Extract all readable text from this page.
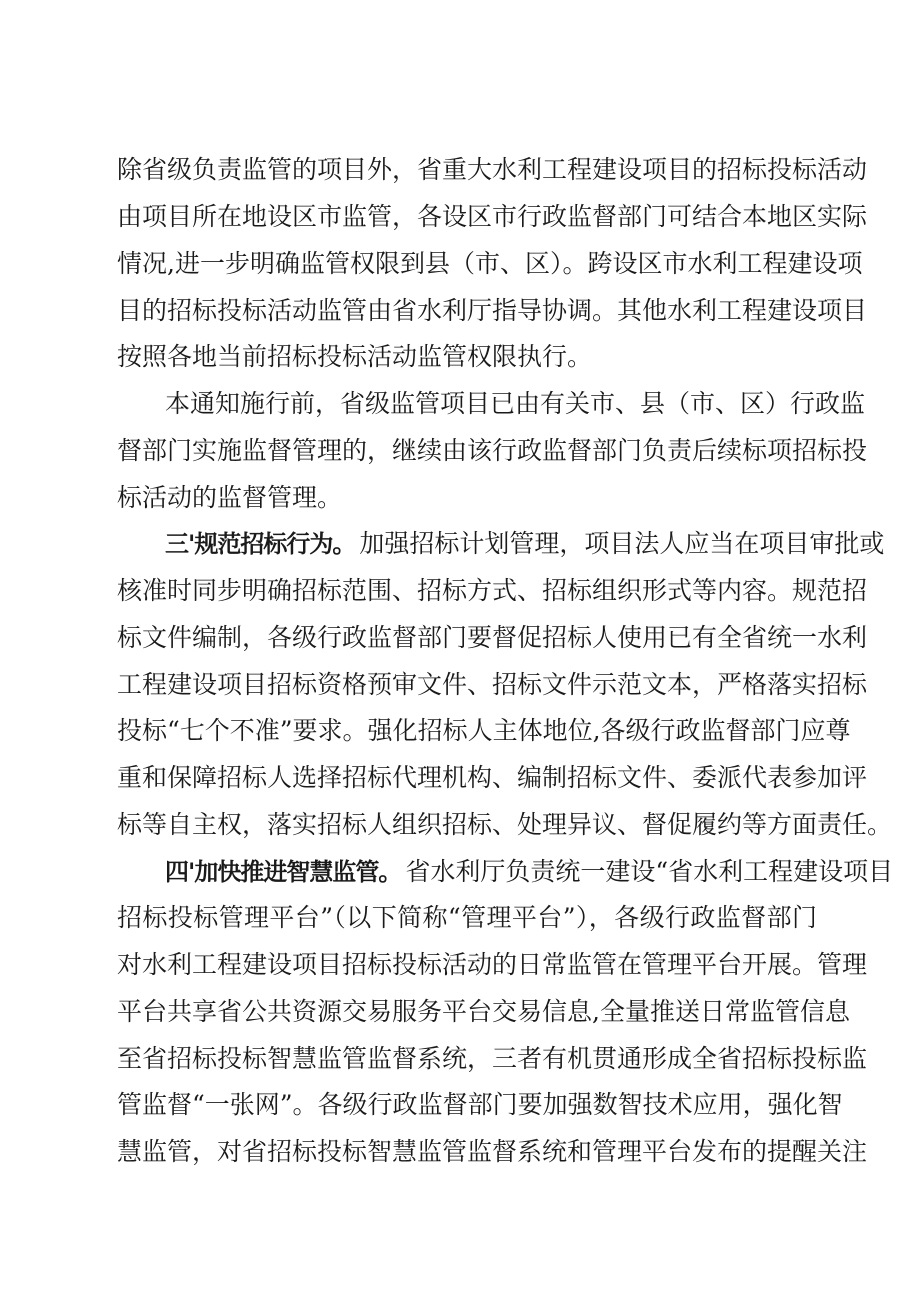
除省级负责监管的项目外，省重大水利工程建设项目的招标投标活动
由项目所在地设区市监管，各设区市行政监督部门可结合本地区实际
情况,进一步明确监管权限到县（市、区）。跨设区市水利工程建设项
目的招标投标活动监管由省水利厅指导协调。其他水利工程建设项目
按照各地当前招标投标活动监管权限执行。
本通知施行前，省级监管项目已由有关市、县（市、区）行政监
督部门实施监督管理的，继续由该行政监督部门负责后续标项招标投
标活动的监督管理。
三'规范招标行为。 加强招标计划管理，项目法人应当在项目审批或
核准时同步明确招标范围、招标方式、招标组织形式等内容。规范招
标文件编制，各级行政监督部门要督促招标人使用已有全省统一水利
工程建设项目招标资格预审文件、招标文件示范文本，严格落实招标
投标“七个不准”要求。强化招标人主体地位,各级行政监督部门应尊
重和保障招标人选择招标代理机构、编制招标文件、委派代表参加评
标等自主权，落实招标人组织招标、处理异议、督促履约等方面责任。
四'加快推进智慧监管。 省水利厅负责统一建设“省水利工程建设项目
招标投标管理平台”（以下简称“管理平台”），各级行政监督部门
对水利工程建设项目招标投标活动的日常监管在管理平台开展。管理
平台共享省公共资源交易服务平台交易信息,全量推送日常监管信息
至省招标投标智慧监管监督系统，三者有机贯通形成全省招标投标监
管监督“一张网”。各级行政监督部门要加强数智技术应用，强化智
慧监管，对省招标投标智慧监管监督系统和管理平台发布的提醒关注
